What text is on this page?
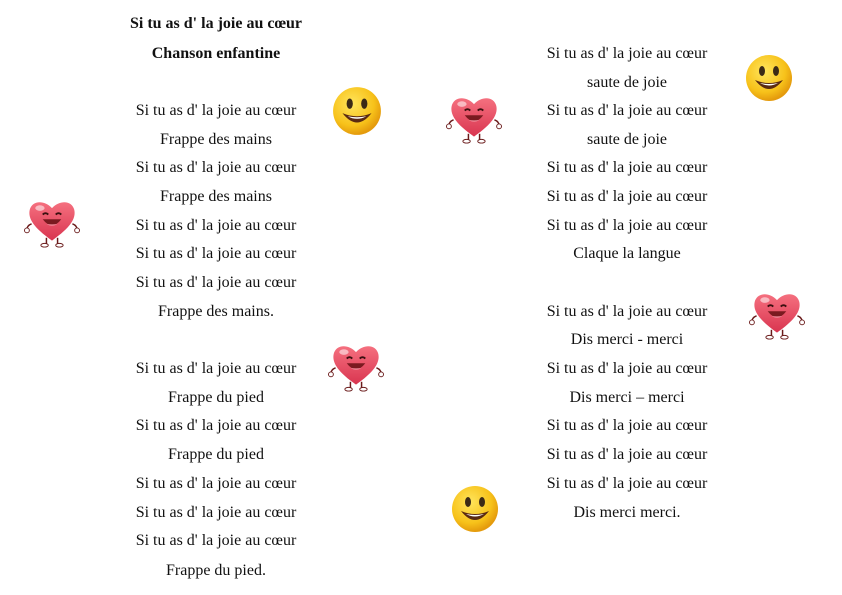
Si tu as d' la joie au cœur
Chanson enfantine
Si tu as d' la joie au cœur
Frappe des mains
Si tu as d' la joie au cœur
Frappe des mains
Si tu as d' la joie au cœur
Si tu as d' la joie au cœur
Si tu as d' la joie au cœur
Frappe des mains.
Si tu as d' la joie au cœur
Frappe du pied
Si tu as d' la joie au cœur
Frappe du pied
Si tu as d' la joie au cœur
Si tu as d' la joie au cœur
Si tu as d' la joie au cœur
Frappe du pied.
Si tu as d' la joie au cœur
saute de joie
Si tu as d' la joie au cœur
saute de joie
Si tu as d' la joie au cœur
Si tu as d' la joie au cœur
Si tu as d' la joie au cœur
Claque la langue
Si tu as d' la joie au cœur
Dis merci - merci
Si tu as d' la joie au cœur
Dis merci – merci
Si tu as d' la joie au cœur
Si tu as d' la joie au cœur
Si tu as d' la joie au cœur
Dis merci merci.
